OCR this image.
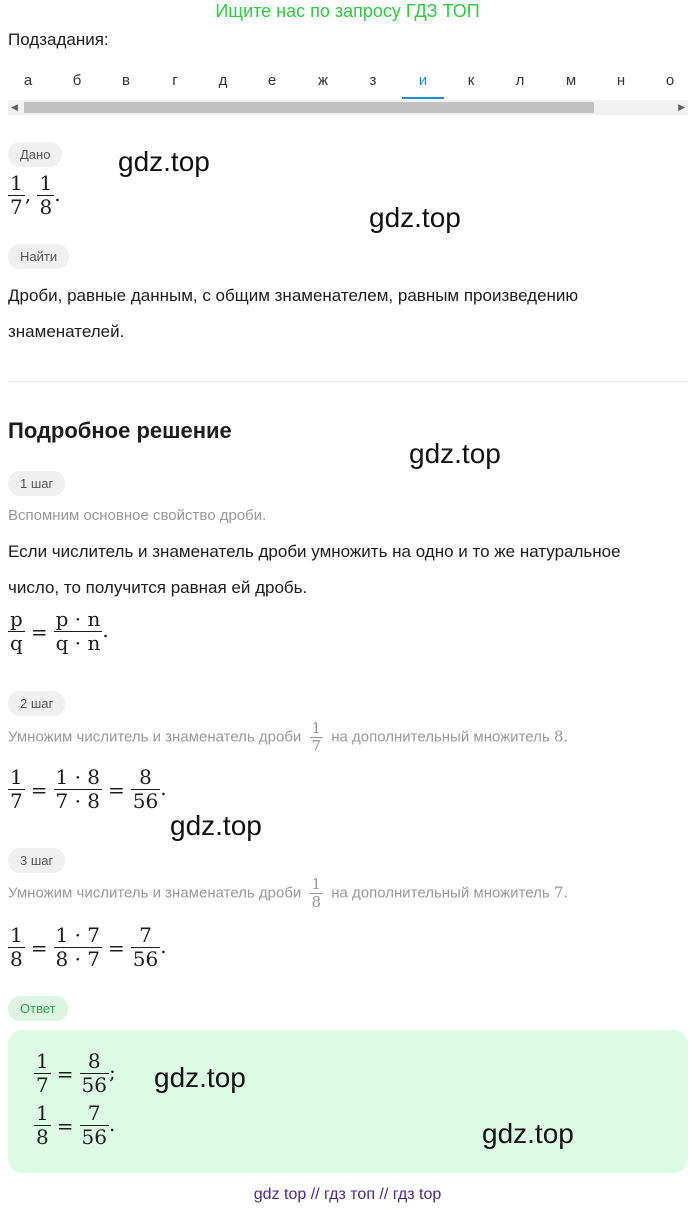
Ищите нас по запросу ГДЗ ТОП
Подзадания:
а	б	в	г	д	е	ж	з	и	к	л	м	н	о
◀	▶
Дано
$\frac{1}{7}$ , $\frac{1}{8}$ .
Найти
Дроби, равные данным, с общим знаменателем, равным произведению
знаменателей.
Подробное решение
1 шаг
Вспомним основное свойство дроби.
Если числитель и знаменатель дроби умножить на одно и то же натуральное
число, то получится равная ей дробь.
$\frac{p}{q} = \frac{p \cdot n}{q \cdot n}$ .
2 шаг
Умножим числитель и знаменатель дроби $\frac{1}{7}$ на дополнительный множитель 8.
$\frac{1}{7} = \frac{1 \cdot 8}{7 \cdot 8} = \frac{8}{56}$ .
3 шаг
Умножим числитель и знаменатель дроби $\frac{1}{8}$ на дополнительный множитель 7.
$\frac{1}{8} = \frac{1 \cdot 7}{8 \cdot 7} = \frac{7}{56}$ .
Ответ
$\frac{1}{7} = \frac{8}{56}$ ;
$\frac{1}{8} = \frac{7}{56}$ .
gdz.top
gdz.top
gdz.top
gdz.top
gdz.top
gdz.top
gdz top // гдз топ // гдз top
